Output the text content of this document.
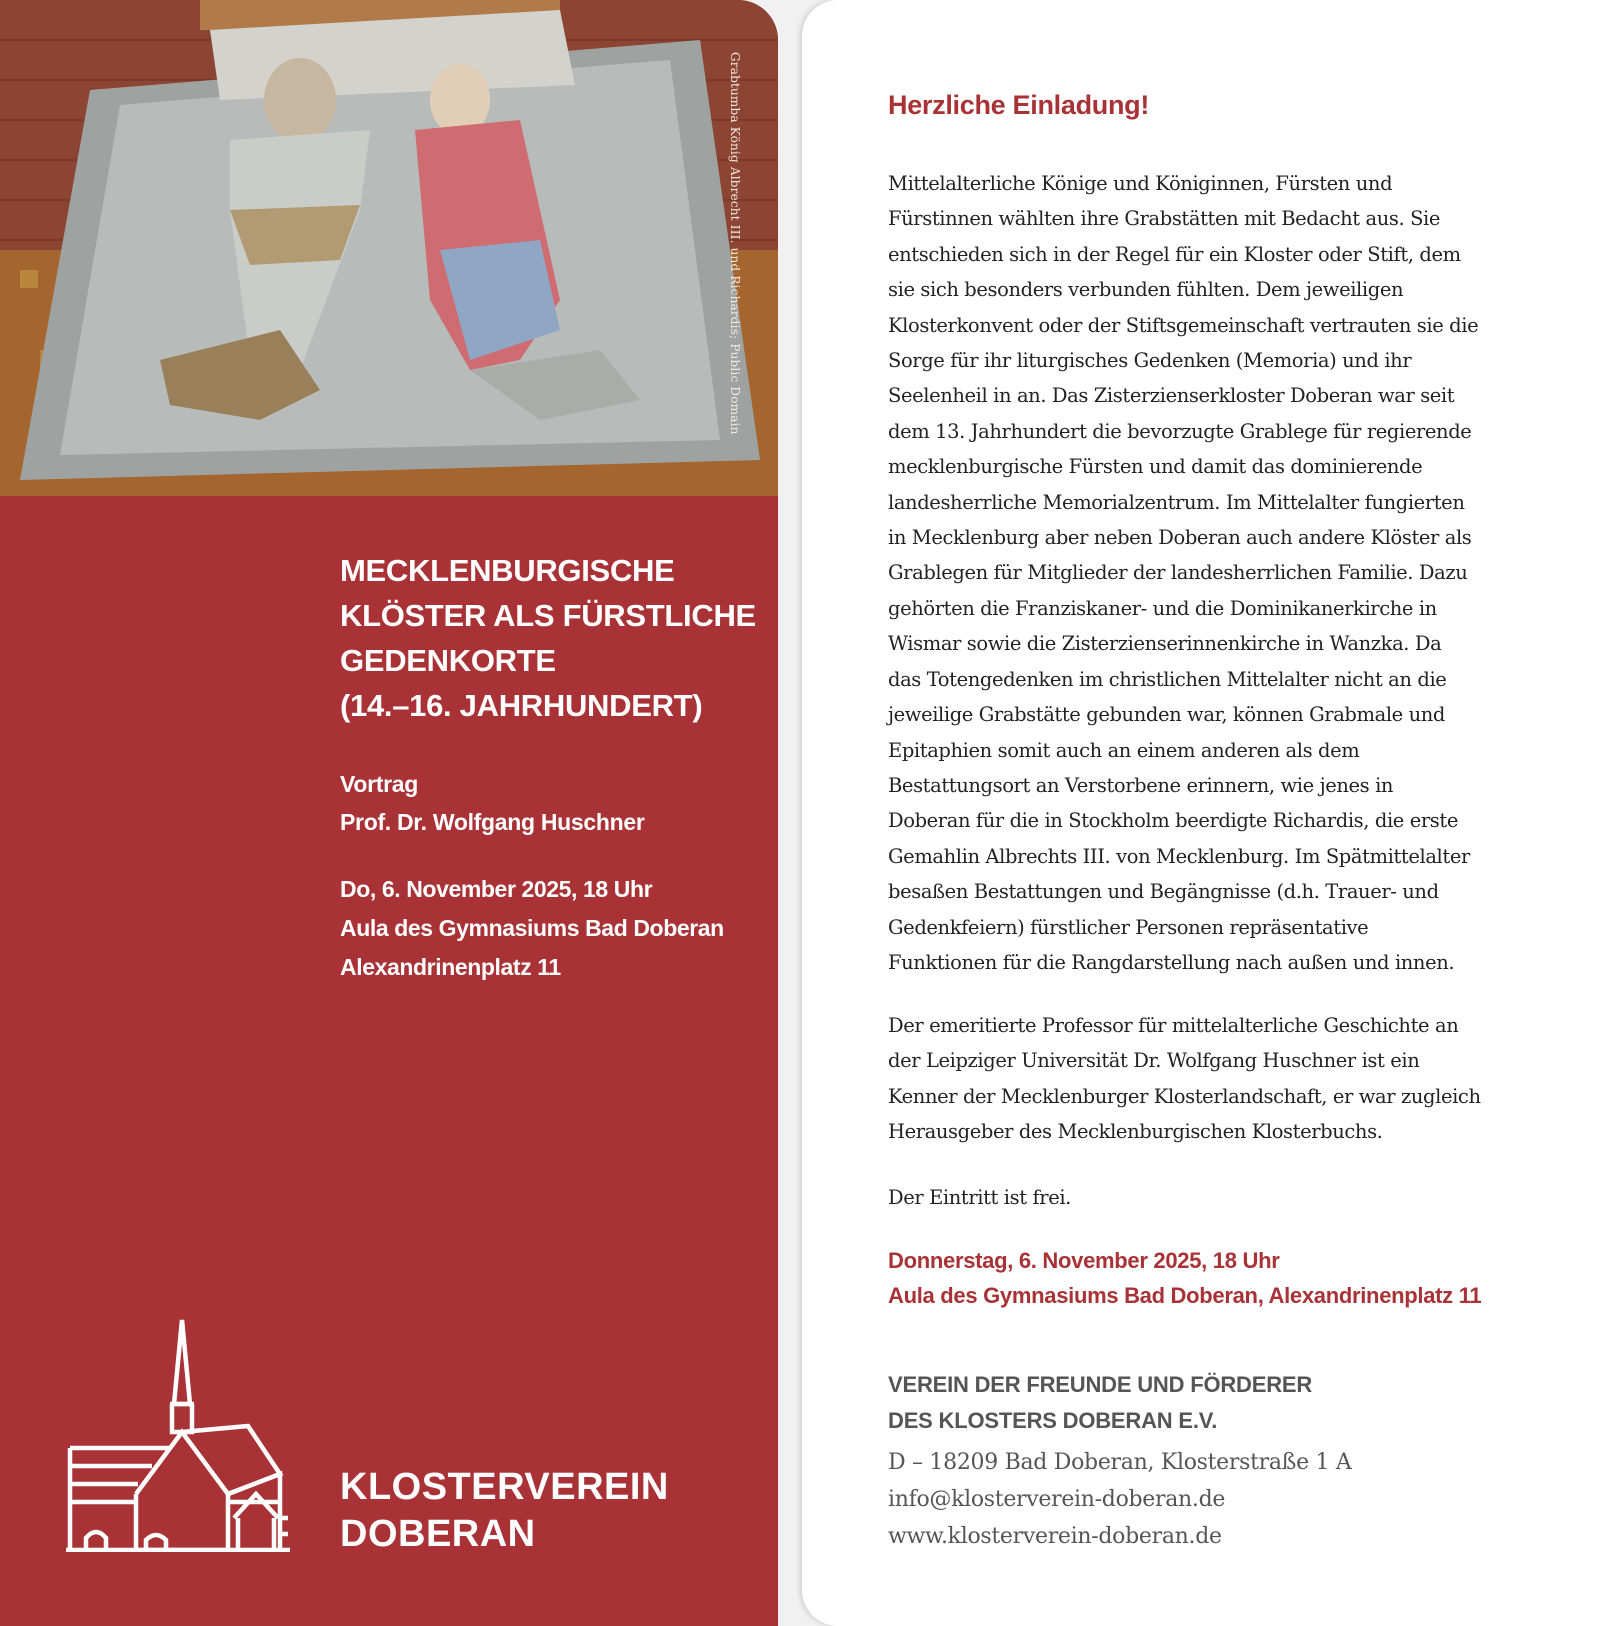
Grabtumba König Albrecht III. und Richardis; Public Domain
MECKLENBURGISCHE
KLÖSTER ALS FÜRSTLICHE
GEDENKORTE
(14.–16. JAHRHUNDERT)
Vortrag
Prof. Dr. Wolfgang Huschner
Do, 6. November 2025, 18 Uhr
Aula des Gymnasiums Bad Doberan
Alexandrinenplatz 11
KLOSTERVEREIN
DOBERAN
Herzliche Einladung!
Mittelalterliche Könige und Königinnen, Fürsten und
Fürstinnen wählten ihre Grabstätten mit Bedacht aus. Sie
entschieden sich in der Regel für ein Kloster oder Stift, dem
sie sich besonders verbunden fühlten. Dem jeweiligen
Klosterkonvent oder der Stiftsgemeinschaft vertrauten sie die
Sorge für ihr liturgisches Gedenken (Memoria) und ihr
Seelenheil in an. Das Zisterzienserkloster Doberan war seit
dem 13. Jahrhundert die bevorzugte Grablege für regierende
mecklenburgische Fürsten und damit das dominierende
landesherrliche Memorialzentrum. Im Mittelalter fungierten
in Mecklenburg aber neben Doberan auch andere Klöster als
Grablegen für Mitglieder der landesherrlichen Familie. Dazu
gehörten die Franziskaner- und die Dominikanerkirche in
Wismar sowie die Zisterzienserinnenkirche in Wanzka. Da
das Totengedenken im christlichen Mittelalter nicht an die
jeweilige Grabstätte gebunden war, können Grabmale und
Epitaphien somit auch an einem anderen als dem
Bestattungsort an Verstorbene erinnern, wie jenes in
Doberan für die in Stockholm beerdigte Richardis, die erste
Gemahlin Albrechts III. von Mecklenburg. Im Spätmittelalter
besaßen Bestattungen und Begängnisse (d.h. Trauer- und
Gedenkfeiern) fürstlicher Personen repräsentative
Funktionen für die Rangdarstellung nach außen und innen.
Der emeritierte Professor für mittelalterliche Geschichte an
der Leipziger Universität Dr. Wolfgang Huschner ist ein
Kenner der Mecklenburger Klosterlandschaft, er war zugleich
Herausgeber des Mecklenburgischen Klosterbuchs.
Der Eintritt ist frei.
Donnerstag, 6. November 2025, 18 Uhr
Aula des Gymnasiums Bad Doberan, Alexandrinenplatz 11
VEREIN DER FREUNDE UND FÖRDERER
DES KLOSTERS DOBERAN E.V.
D – 18209 Bad Doberan, Klosterstraße 1 A
info@klosterverein-doberan.de
www.klosterverein-doberan.de
